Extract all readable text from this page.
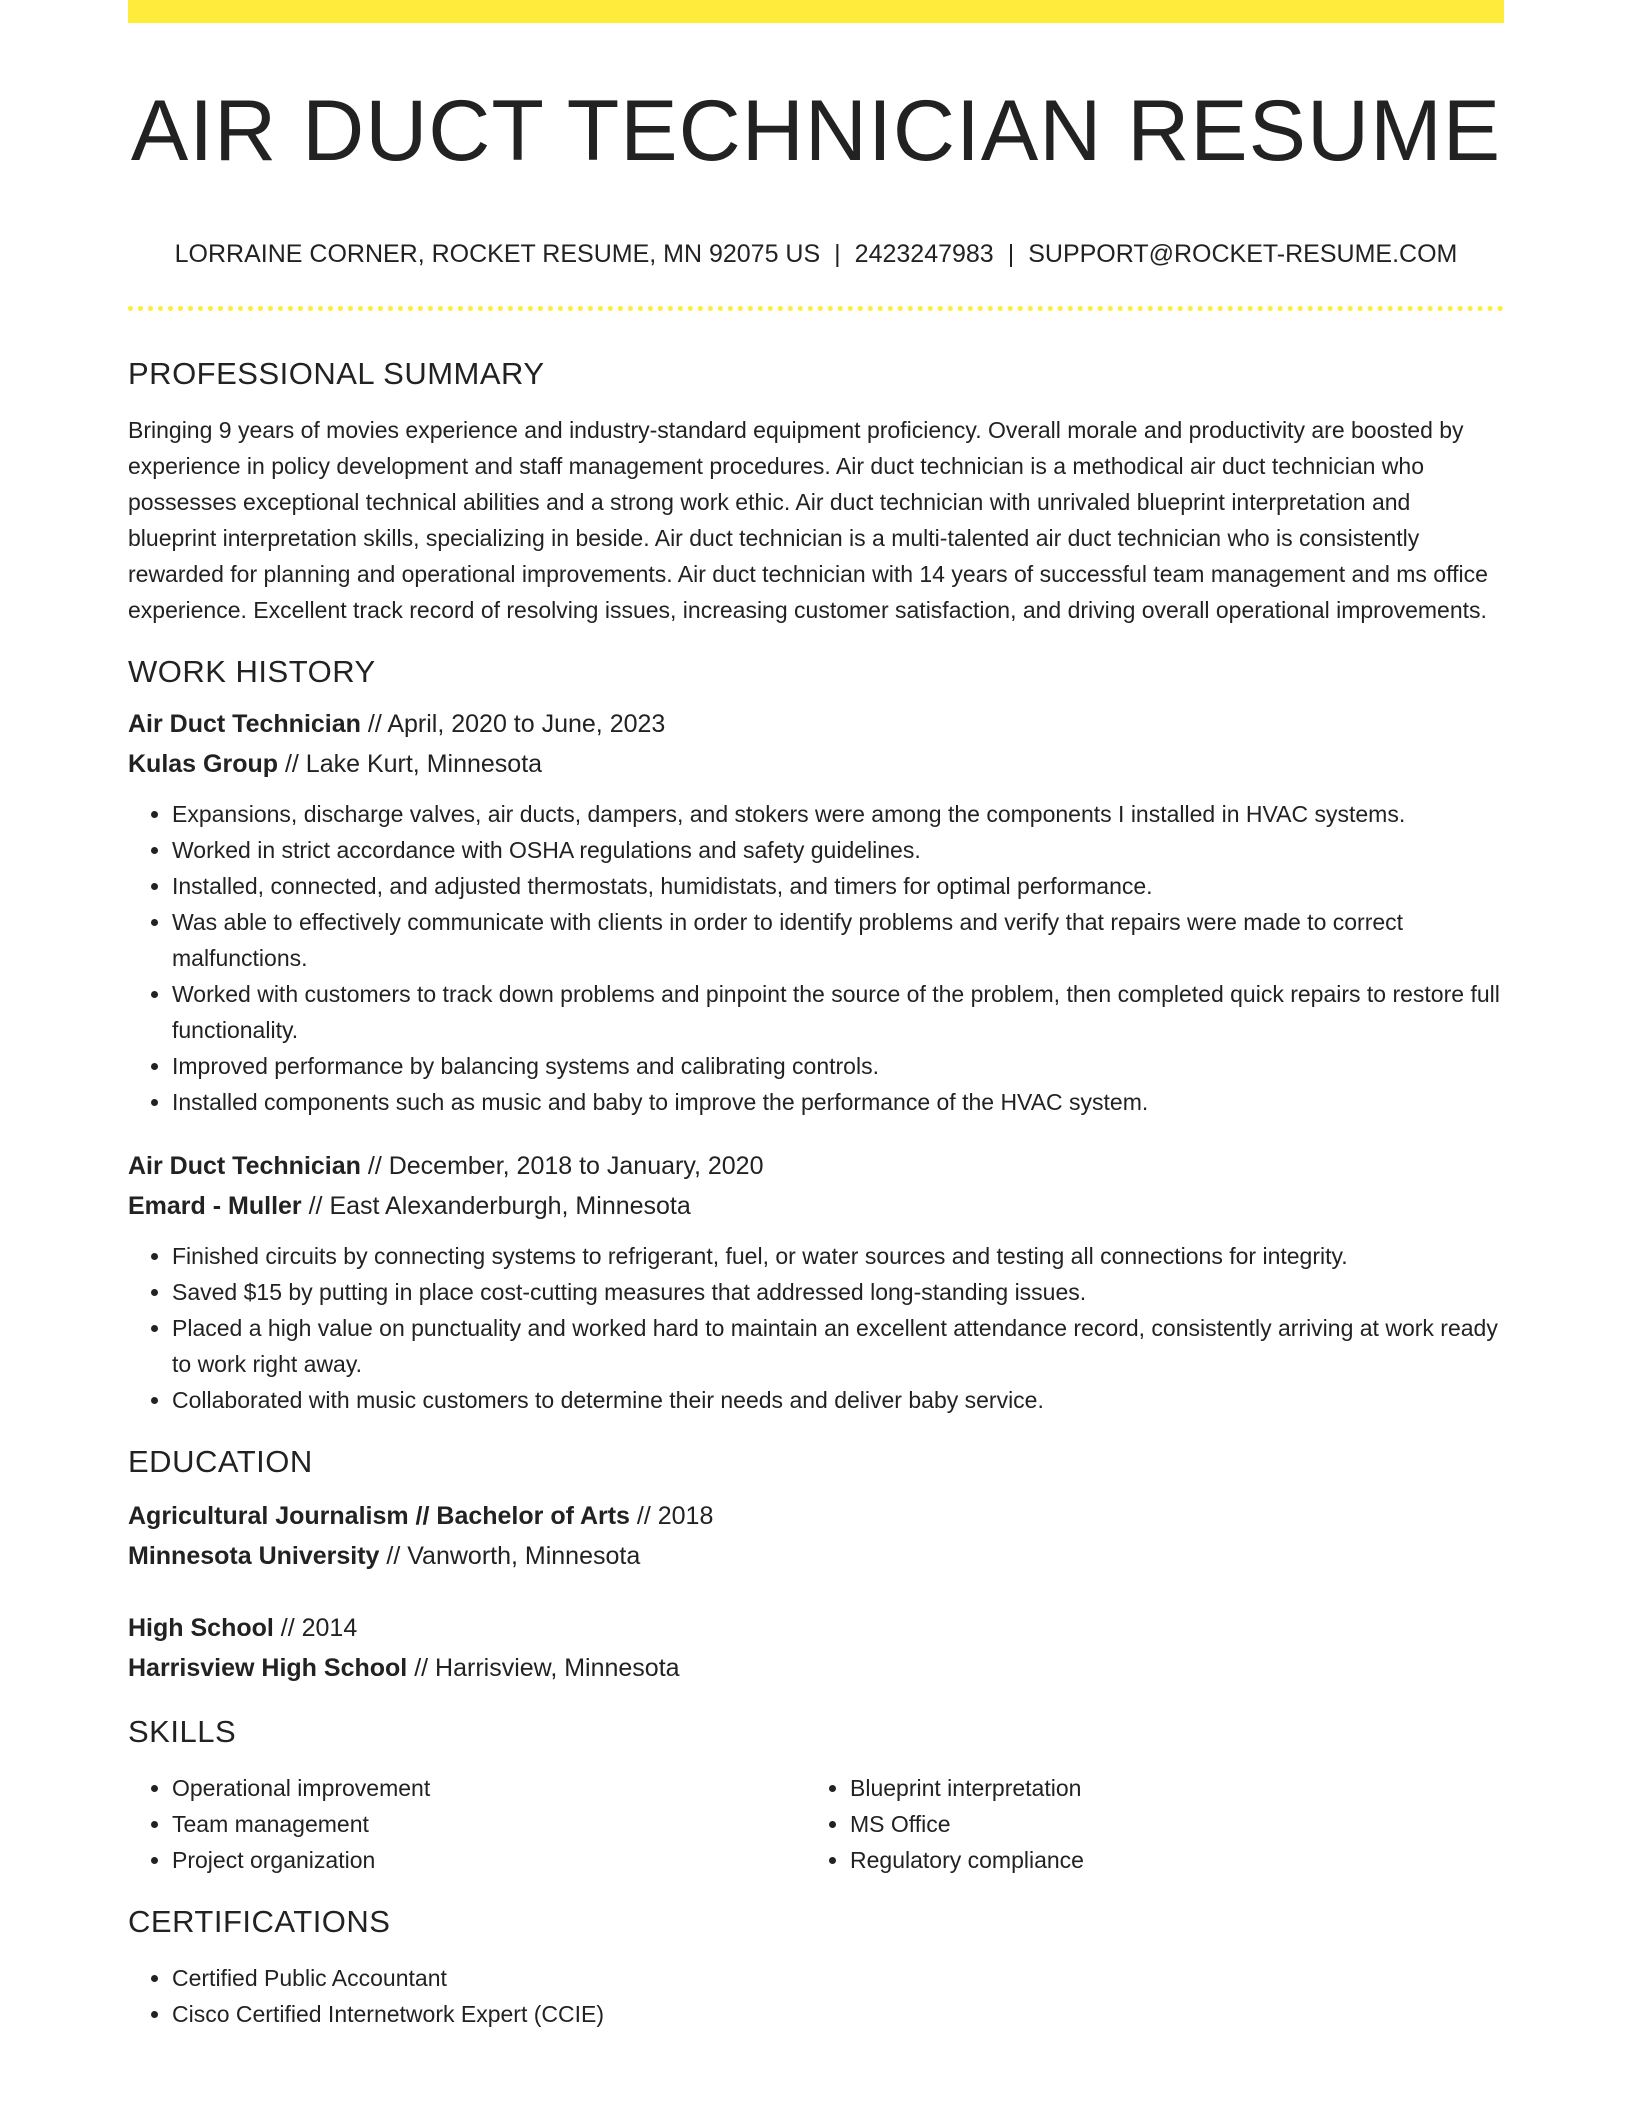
AIR DUCT TECHNICIAN RESUME
LORRAINE CORNER, ROCKET RESUME, MN 92075 US | 2423247983 | SUPPORT@ROCKET-RESUME.COM
PROFESSIONAL SUMMARY

Bringing 9 years of movies experience and industry-standard equipment proficiency. Overall morale and productivity are boosted by experience in policy development and staff management procedures. Air duct technician is a methodical air duct technician who possesses exceptional technical abilities and a strong work ethic. Air duct technician with unrivaled blueprint interpretation and blueprint interpretation skills, specializing in beside. Air duct technician is a multi-talented air duct technician who is consistently rewarded for planning and operational improvements. Air duct technician with 14 years of successful team management and ms office experience. Excellent track record of resolving issues, increasing customer satisfaction, and driving overall operational improvements.

WORK HISTORY
Air Duct Technician // April, 2020 to June, 2023
Kulas Group // Lake Kurt, Minnesota
• Expansions, discharge valves, air ducts, dampers, and stokers were among the components I installed in HVAC systems.
• Worked in strict accordance with OSHA regulations and safety guidelines.
• Installed, connected, and adjusted thermostats, humidistats, and timers for optimal performance.
• Was able to effectively communicate with clients in order to identify problems and verify that repairs were made to correct malfunctions.
• Worked with customers to track down problems and pinpoint the source of the problem, then completed quick repairs to restore full functionality.
• Improved performance by balancing systems and calibrating controls.
• Installed components such as music and baby to improve the performance of the HVAC system.
Air Duct Technician // December, 2018 to January, 2020
Emard - Muller // East Alexanderburgh, Minnesota
• Finished circuits by connecting systems to refrigerant, fuel, or water sources and testing all connections for integrity.
• Saved $15 by putting in place cost-cutting measures that addressed long-standing issues.
• Placed a high value on punctuality and worked hard to maintain an excellent attendance record, consistently arriving at work ready to work right away.
• Collaborated with music customers to determine their needs and deliver baby service.
EDUCATION
Agricultural Journalism // Bachelor of Arts // 2018
Minnesota University // Vanworth, Minnesota
High School // 2014
Harrisview High School // Harrisview, Minnesota
SKILLS
• Operational improvement
• Team management
• Project organization
• Blueprint interpretation
• MS Office
• Regulatory compliance
CERTIFICATIONS
• Certified Public Accountant
• Cisco Certified Internetwork Expert (CCIE)
